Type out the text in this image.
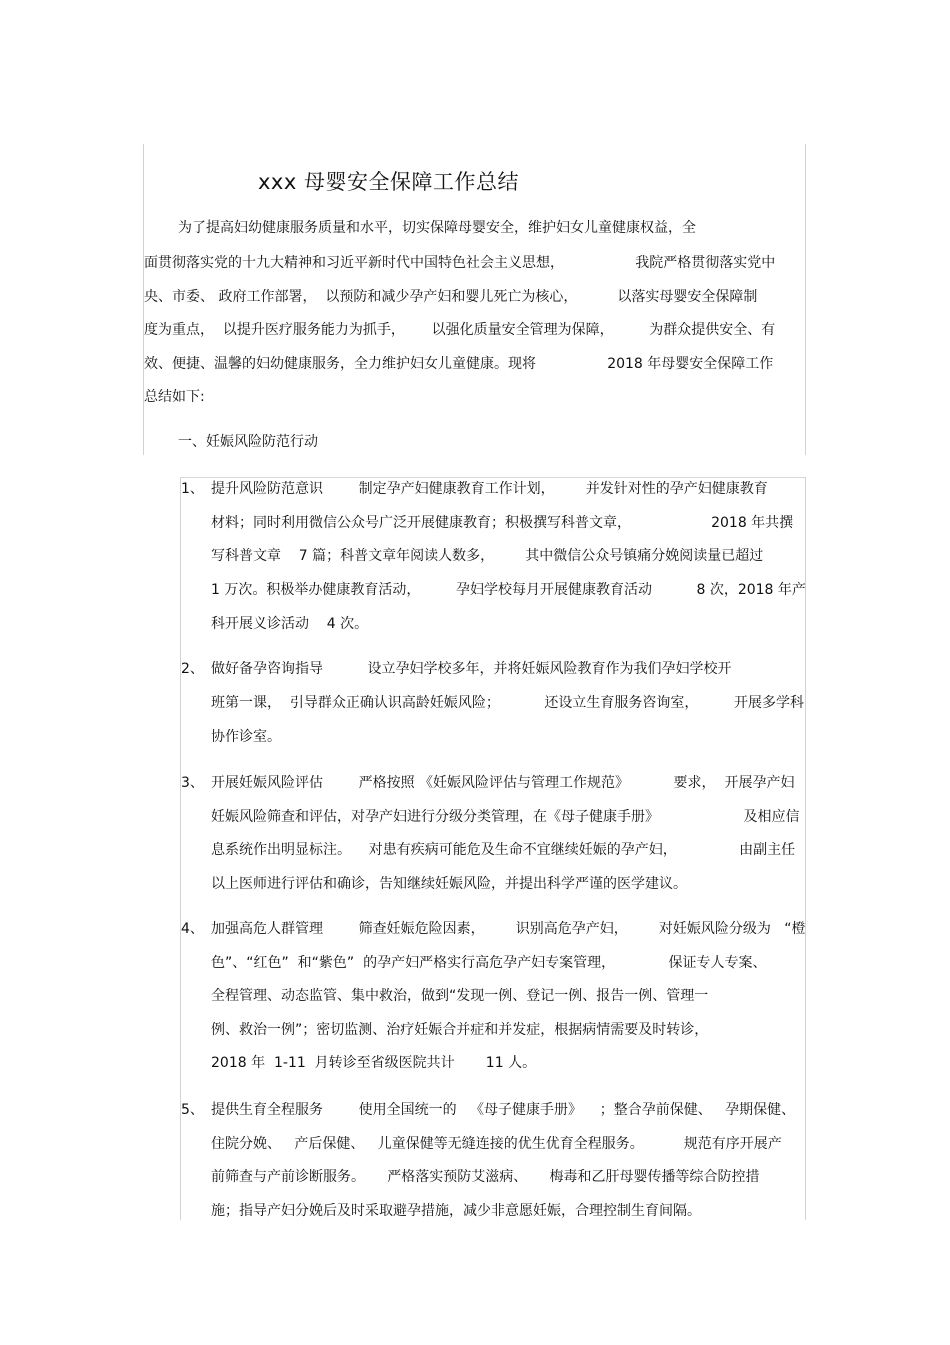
xxx 母婴安全保障工作总结
为了提高妇幼健康服务质量和水平，切实保障母婴安全，维护妇女儿童健康权益，全
面贯彻落实党的十九大精神和习近平新时代中国特色社会主义思想，                我院严格贯彻落实党中
央、市委、 政府工作部署，  以预防和减少孕产妇和婴儿死亡为核心，         以落实母婴安全保障制
度为重点，  以提升医疗服务能力为抓手，      以强化质量安全管理为保障，        为群众提供安全、有
效、便捷、温馨的妇幼健康服务，全力维护妇女儿童健康。现将                2018 年母婴安全保障工作
总结如下:
一、妊娠风险防范行动
1、 提升风险防范意识        制定孕产妇健康教育工作计划，       并发针对性的孕产妇健康教育
材料；同时利用微信公众号广泛开展健康教育；积极撰写科普文章，                  2018 年共撰
写科普文章    7 篇；科普文章年阅读人数多，       其中微信公众号镇痛分娩阅读量已超过
1 万次。积极举办健康教育活动，        孕妇学校每月开展健康教育活动          8 次，2018 年产
科开展义诊活动    4 次。
2、 做好备孕咨询指导          设立孕妇学校多年，并将妊娠风险教育作为我们孕妇学校开
班第一课，  引导群众正确认识高龄妊娠风险；          还设立生育服务咨询室，        开展多学科
协作诊室。
3、 开展妊娠风险评估        严格按照 《妊娠风险评估与管理工作规范》          要求，  开展孕产妇
妊娠风险筛查和评估，对孕产妇进行分级分类管理，在《母子健康手册》                   及相应信
息系统作出明显标注。    对患有疾病可能危及生命不宜继续妊娠的孕产妇，              由副主任
以上医师进行评估和确诊，告知继续妊娠风险，并提出科学严谨的医学建议。
4、 加强高危人群管理        筛查妊娠危险因素，       识别高危孕产妇，       对妊娠风险分级为   “橙
色”、“红色”  和“紫色”  的孕产妇严格实行高危孕产妇专案管理，            保证专人专案、
全程管理、动态监管、集中救治，做到“发现一例、登记一例、报告一例、管理一
例、救治一例”；密切监测、治疗妊娠合并症和并发症，根据病情需要及时转诊，
2018 年  1-11  月转诊至省级医院共计       11 人。
5、 提供生育全程服务        使用全国统一的   《母子健康手册》    ；整合孕前保健、   孕期保健、
住院分娩、   产后保健、   儿童保健等无缝连接的优生优育全程服务。         规范有序开展产
前筛查与产前诊断服务。     严格落实预防艾滋病、     梅毒和乙肝母婴传播等综合防控措
施；指导产妇分娩后及时采取避孕措施，减少非意愿妊娠，合理控制生育间隔。
